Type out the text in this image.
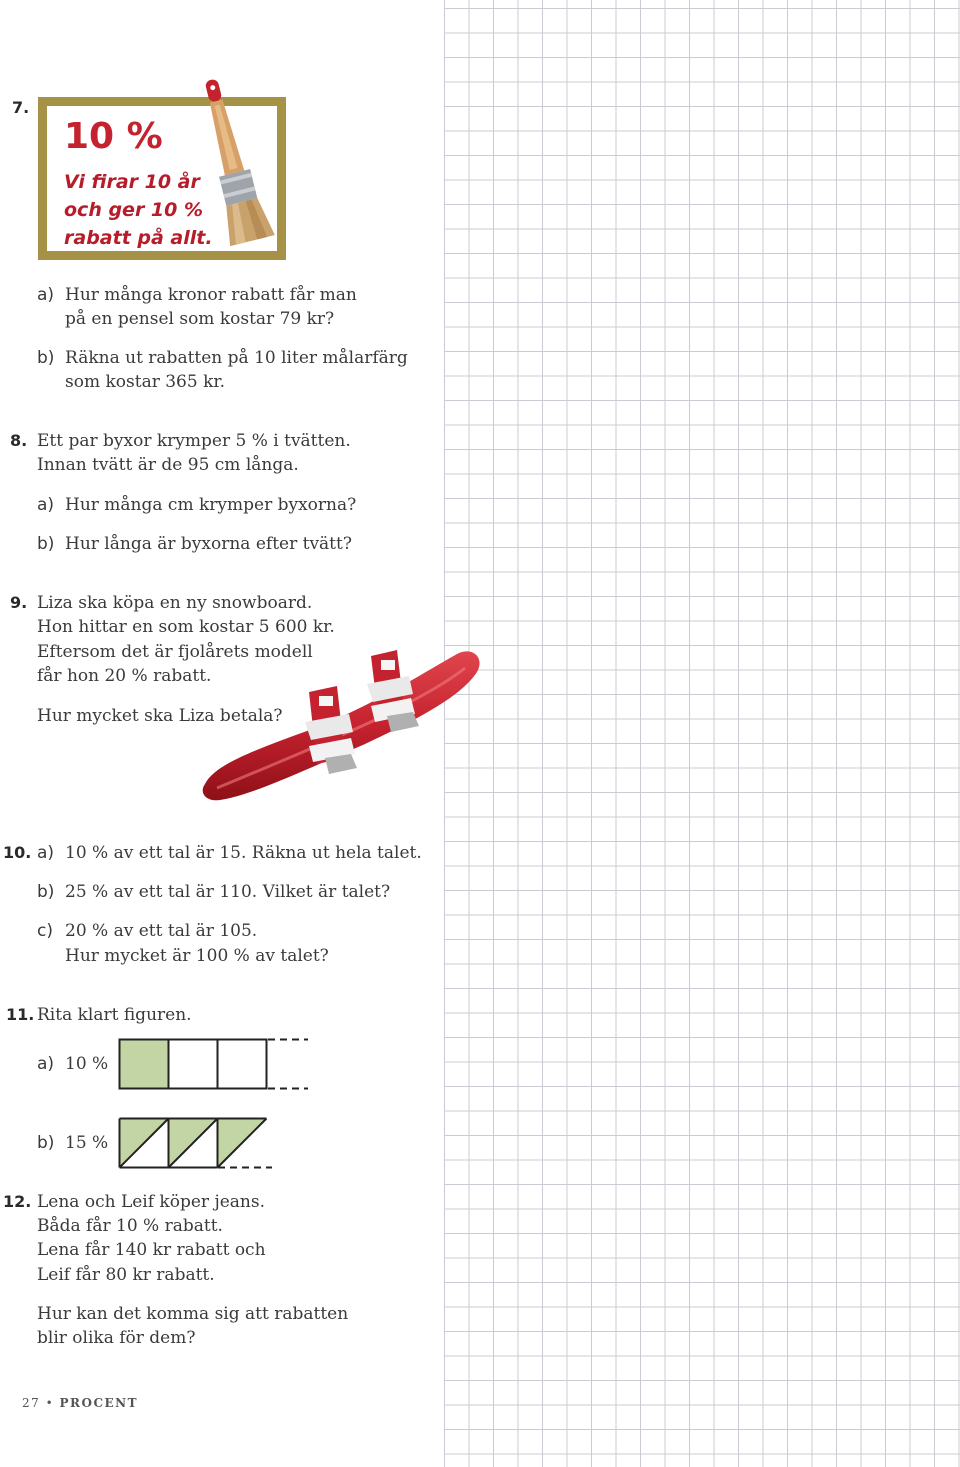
7.
10 %
Vi firar 10 år
och ger 10 %
rabatt på allt.
a) Hur många kronor rabatt får man
på en pensel som kostar 79 kr?
b) Räkna ut rabatten på 10 liter målarfärg
som kostar 365 kr.
8. Ett par byxor krymper 5 % i tvätten.
Innan tvätt är de 95 cm långa.
a) Hur många cm krymper byxorna?
b) Hur långa är byxorna efter tvätt?
9. Liza ska köpa en ny snowboard.
Hon hittar en som kostar 5 600 kr.
Eftersom det är fjolårets modell
får hon 20 % rabatt.
Hur mycket ska Liza betala?
10. a) 10 % av ett tal är 15. Räkna ut hela talet.
b) 25 % av ett tal är 110. Vilket är talet?
c) 20 % av ett tal är 105.
Hur mycket är 100 % av talet?
11. Rita klart figuren.
a) 10 %
b) 15 %
12. Lena och Leif köper jeans.
Båda får 10 % rabatt.
Lena får 140 kr rabatt och
Leif får 80 kr rabatt.
Hur kan det komma sig att rabatten
blir olika för dem?
27 • PROCENT
